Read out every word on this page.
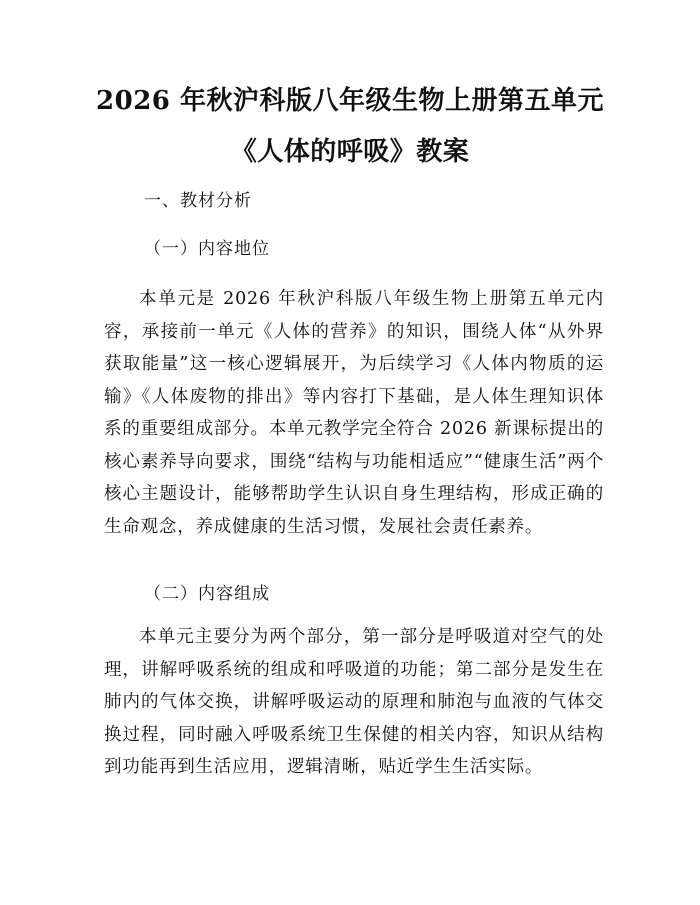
2026 年秋沪科版八年级生物上册第五单元
《人体的呼吸》教案
一、教材分析
（一）内容地位
本单元是 2026 年秋沪科版八年级生物上册第五单元内容，承接前一单元《人体的营养》的知识，围绕人体“从外界获取能量”这一核心逻辑展开，为后续学习《人体内物质的运输》《人体废物的排出》等内容打下基础，是人体生理知识体系的重要组成部分。本单元教学完全符合 2026 新课标提出的核心素养导向要求，围绕“结构与功能相适应”“健康生活”两个核心主题设计，能够帮助学生认识自身生理结构，形成正确的生命观念，养成健康的生活习惯，发展社会责任素养。
（二）内容组成
本单元主要分为两个部分，第一部分是呼吸道对空气的处理，讲解呼吸系统的组成和呼吸道的功能；第二部分是发生在肺内的气体交换，讲解呼吸运动的原理和肺泡与血液的气体交换过程，同时融入呼吸系统卫生保健的相关内容，知识从结构到功能再到生活应用，逻辑清晰，贴近学生生活实际。
